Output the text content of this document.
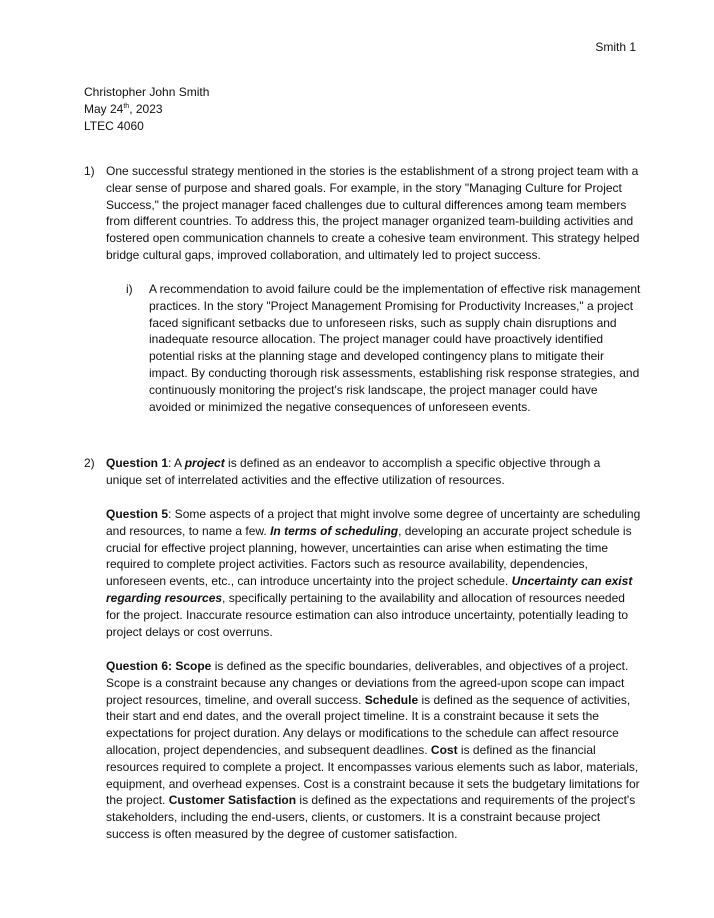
Smith 1
Christopher John Smith
May 24th, 2023
LTEC 4060
1) One successful strategy mentioned in the stories is the establishment of a strong project team with a clear sense of purpose and shared goals. For example, in the story "Managing Culture for Project Success," the project manager faced challenges due to cultural differences among team members from different countries. To address this, the project manager organized team-building activities and fostered open communication channels to create a cohesive team environment. This strategy helped bridge cultural gaps, improved collaboration, and ultimately led to project success.
i) A recommendation to avoid failure could be the implementation of effective risk management practices. In the story "Project Management Promising for Productivity Increases," a project faced significant setbacks due to unforeseen risks, such as supply chain disruptions and inadequate resource allocation. The project manager could have proactively identified potential risks at the planning stage and developed contingency plans to mitigate their impact. By conducting thorough risk assessments, establishing risk response strategies, and continuously monitoring the project's risk landscape, the project manager could have avoided or minimized the negative consequences of unforeseen events.
2) Question 1: A project is defined as an endeavor to accomplish a specific objective through a unique set of interrelated activities and the effective utilization of resources.
Question 5: Some aspects of a project that might involve some degree of uncertainty are scheduling and resources, to name a few. In terms of scheduling, developing an accurate project schedule is crucial for effective project planning, however, uncertainties can arise when estimating the time required to complete project activities. Factors such as resource availability, dependencies, unforeseen events, etc., can introduce uncertainty into the project schedule. Uncertainty can exist regarding resources, specifically pertaining to the availability and allocation of resources needed for the project. Inaccurate resource estimation can also introduce uncertainty, potentially leading to project delays or cost overruns.
Question 6: Scope is defined as the specific boundaries, deliverables, and objectives of a project. Scope is a constraint because any changes or deviations from the agreed-upon scope can impact project resources, timeline, and overall success. Schedule is defined as the sequence of activities, their start and end dates, and the overall project timeline. It is a constraint because it sets the expectations for project duration. Any delays or modifications to the schedule can affect resource allocation, project dependencies, and subsequent deadlines. Cost is defined as the financial resources required to complete a project. It encompasses various elements such as labor, materials, equipment, and overhead expenses. Cost is a constraint because it sets the budgetary limitations for the project. Customer Satisfaction is defined as the expectations and requirements of the project's stakeholders, including the end-users, clients, or customers. It is a constraint because project success is often measured by the degree of customer satisfaction.
